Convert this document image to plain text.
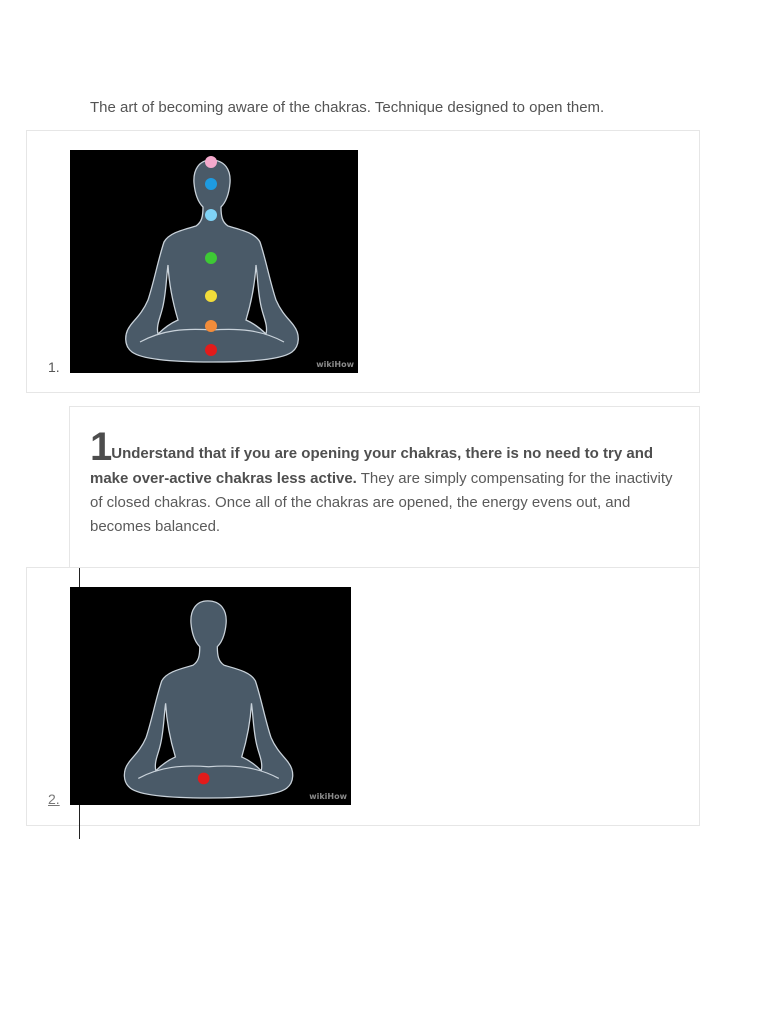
The art of becoming aware of the chakras. Technique designed to open them.

1.	wikiHow
1Understand that if you are opening your chakras, there is no need to try and make over-active chakras less active. They are simply compensating for the inactivity of closed chakras. Once all of the chakras are opened, the energy evens out, and becomes balanced.
2.	wikiHow
